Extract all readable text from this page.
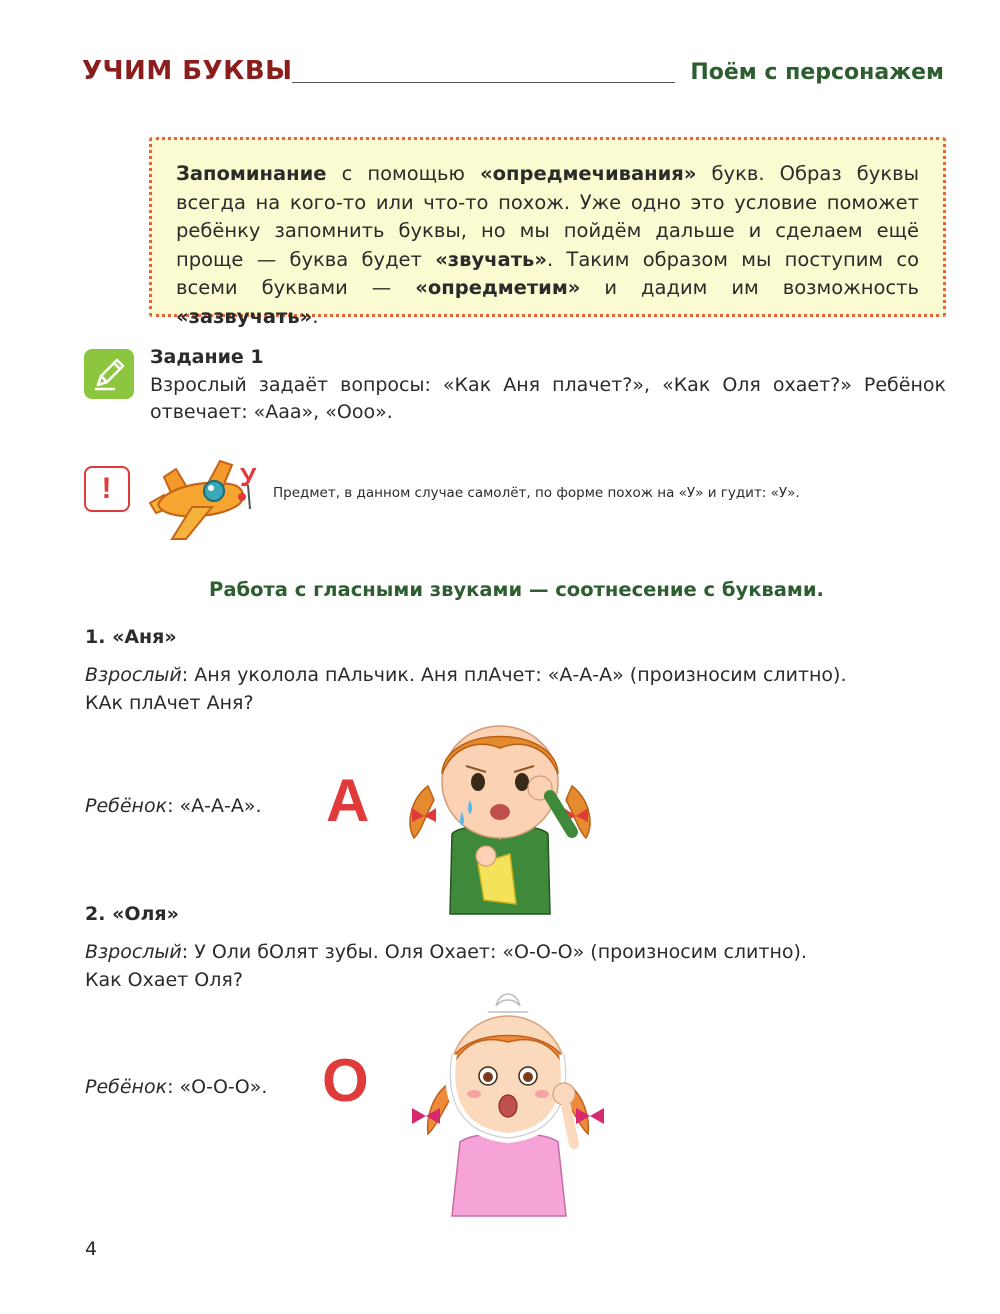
УЧИМ БУКВЫ	Поём с персонажем
Запоминание с помощью «опредмечивания» букв. Образ буквы всегда на кого-то или что-то похож. Уже одно это условие поможет ребёнку запомнить буквы, но мы пойдём дальше и сделаем ещё проще — буква будет «звучать». Таким образом мы поступим со всеми буквами — «опредметим» и дадим им возможность «зазвучать».
Задание 1
Взрослый задаёт вопросы: «Как Аня плачет?», «Как Оля охает?» Ребёнок отвечает: «Ааа», «Ооо».
!	У
Предмет, в данном случае самолёт, по форме похож на «У» и гудит: «У».
Работа с гласными звуками — соотнесение с буквами.
1. «Аня»
Взрослый: Аня уколола пАльчик. Аня плАчет: «А-А-А» (произносим слитно).
КАк плАчет Аня?
Ребёнок: «А-А-А». А
2. «Оля»
Взрослый: У Оли бОлят зубы. Оля Охает: «О-О-О» (произносим слитно).
Как Охает Оля?
Ребёнок: «О-О-О». О
4
